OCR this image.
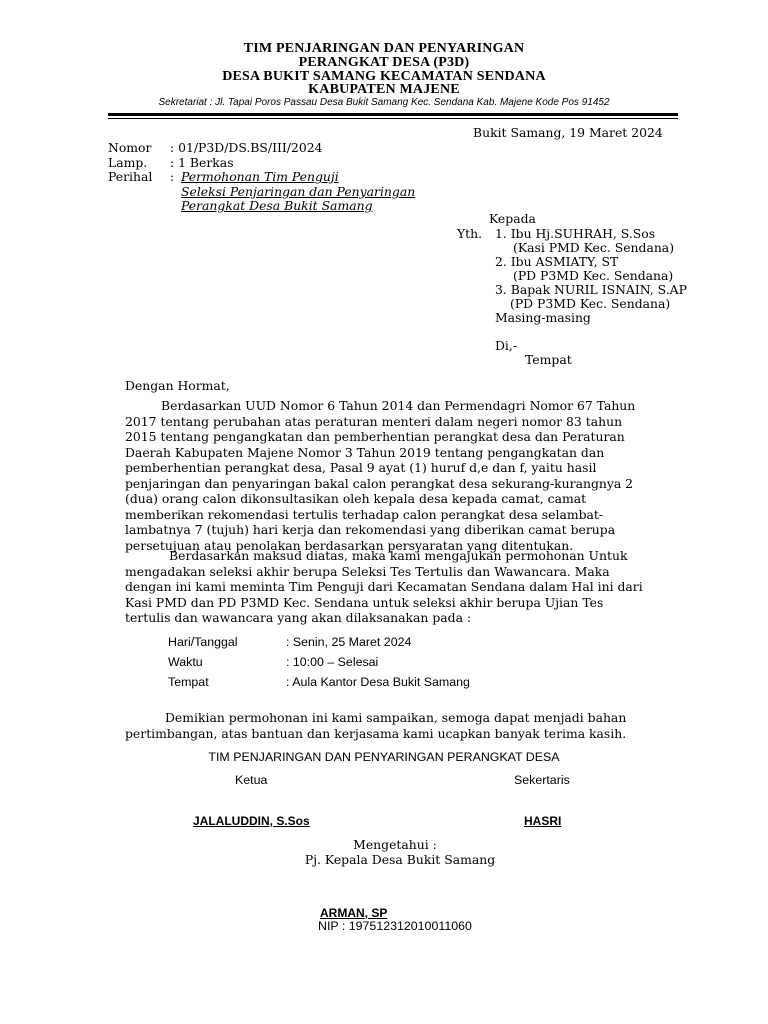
TIM PENJARINGAN DAN PENYARINGAN
PERANGKAT DESA (P3D)
DESA BUKIT SAMANG KECAMATAN SENDANA
KABUPATEN MAJENE
Sekretariat : Jl. Tapai Poros Passau Desa Bukit Samang Kec. Sendana Kab. Majene Kode Pos 91452
Bukit Samang, 19 Maret 2024
Nomor : 01/P3D/DS.BS/III/2024
Lamp. : 1 Berkas
Perihal : Permohonan Tim Penguji
Seleksi Penjaringan dan Penyaringan
Perangkat Desa Bukit Samang
Kepada
Yth. 1. Ibu Hj.SUHRAH, S.Sos
(Kasi PMD Kec. Sendana)
2. Ibu ASMIATY, ST
(PD P3MD Kec. Sendana)
3. Bapak NURIL ISNAIN, S.AP
(PD P3MD Kec. Sendana)
Masing-masing
Di,-
Tempat
Dengan Hormat,
Berdasarkan UUD Nomor 6 Tahun 2014 dan Permendagri Nomor 67 Tahun
2017 tentang perubahan atas peraturan menteri dalam negeri nomor 83 tahun
2015 tentang pengangkatan dan pemberhentian perangkat desa dan Peraturan
Daerah Kabupaten Majene Nomor 3 Tahun 2019 tentang pengangkatan dan
pemberhentian perangkat desa, Pasal 9 ayat (1) huruf d,e dan f, yaitu hasil
penjaringan dan penyaringan bakal calon perangkat desa sekurang-kurangnya 2
(dua) orang calon dikonsultasikan oleh kepala desa kepada camat, camat
memberikan rekomendasi tertulis terhadap calon perangkat desa selambat-
lambatnya 7 (tujuh) hari kerja dan rekomendasi yang diberikan camat berupa
persetujuan atau penolakan berdasarkan persyaratan yang ditentukan.
Berdasarkan maksud diatas, maka kami mengajukan permohonan Untuk
mengadakan seleksi akhir berupa Seleksi Tes Tertulis dan Wawancara. Maka
dengan ini kami meminta Tim Penguji dari Kecamatan Sendana dalam Hal ini dari
Kasi PMD dan PD P3MD Kec. Sendana untuk seleksi akhir berupa Ujian Tes
tertulis dan wawancara yang akan dilaksanakan pada :
Hari/Tanggal	: Senin, 25 Maret 2024
Waktu	: 10:00 – Selesai
Tempat	: Aula Kantor Desa Bukit Samang
Demikian permohonan ini kami sampaikan, semoga dapat menjadi bahan
pertimbangan, atas bantuan dan kerjasama kami ucapkan banyak terima kasih.
TIM PENJARINGAN DAN PENYARINGAN PERANGKAT DESA
Ketua	Sekertaris
JALALUDDIN, S.Sos	HASRI
Mengetahui :
Pj. Kepala Desa Bukit Samang
ARMAN, SP
NIP : 197512312010011060
